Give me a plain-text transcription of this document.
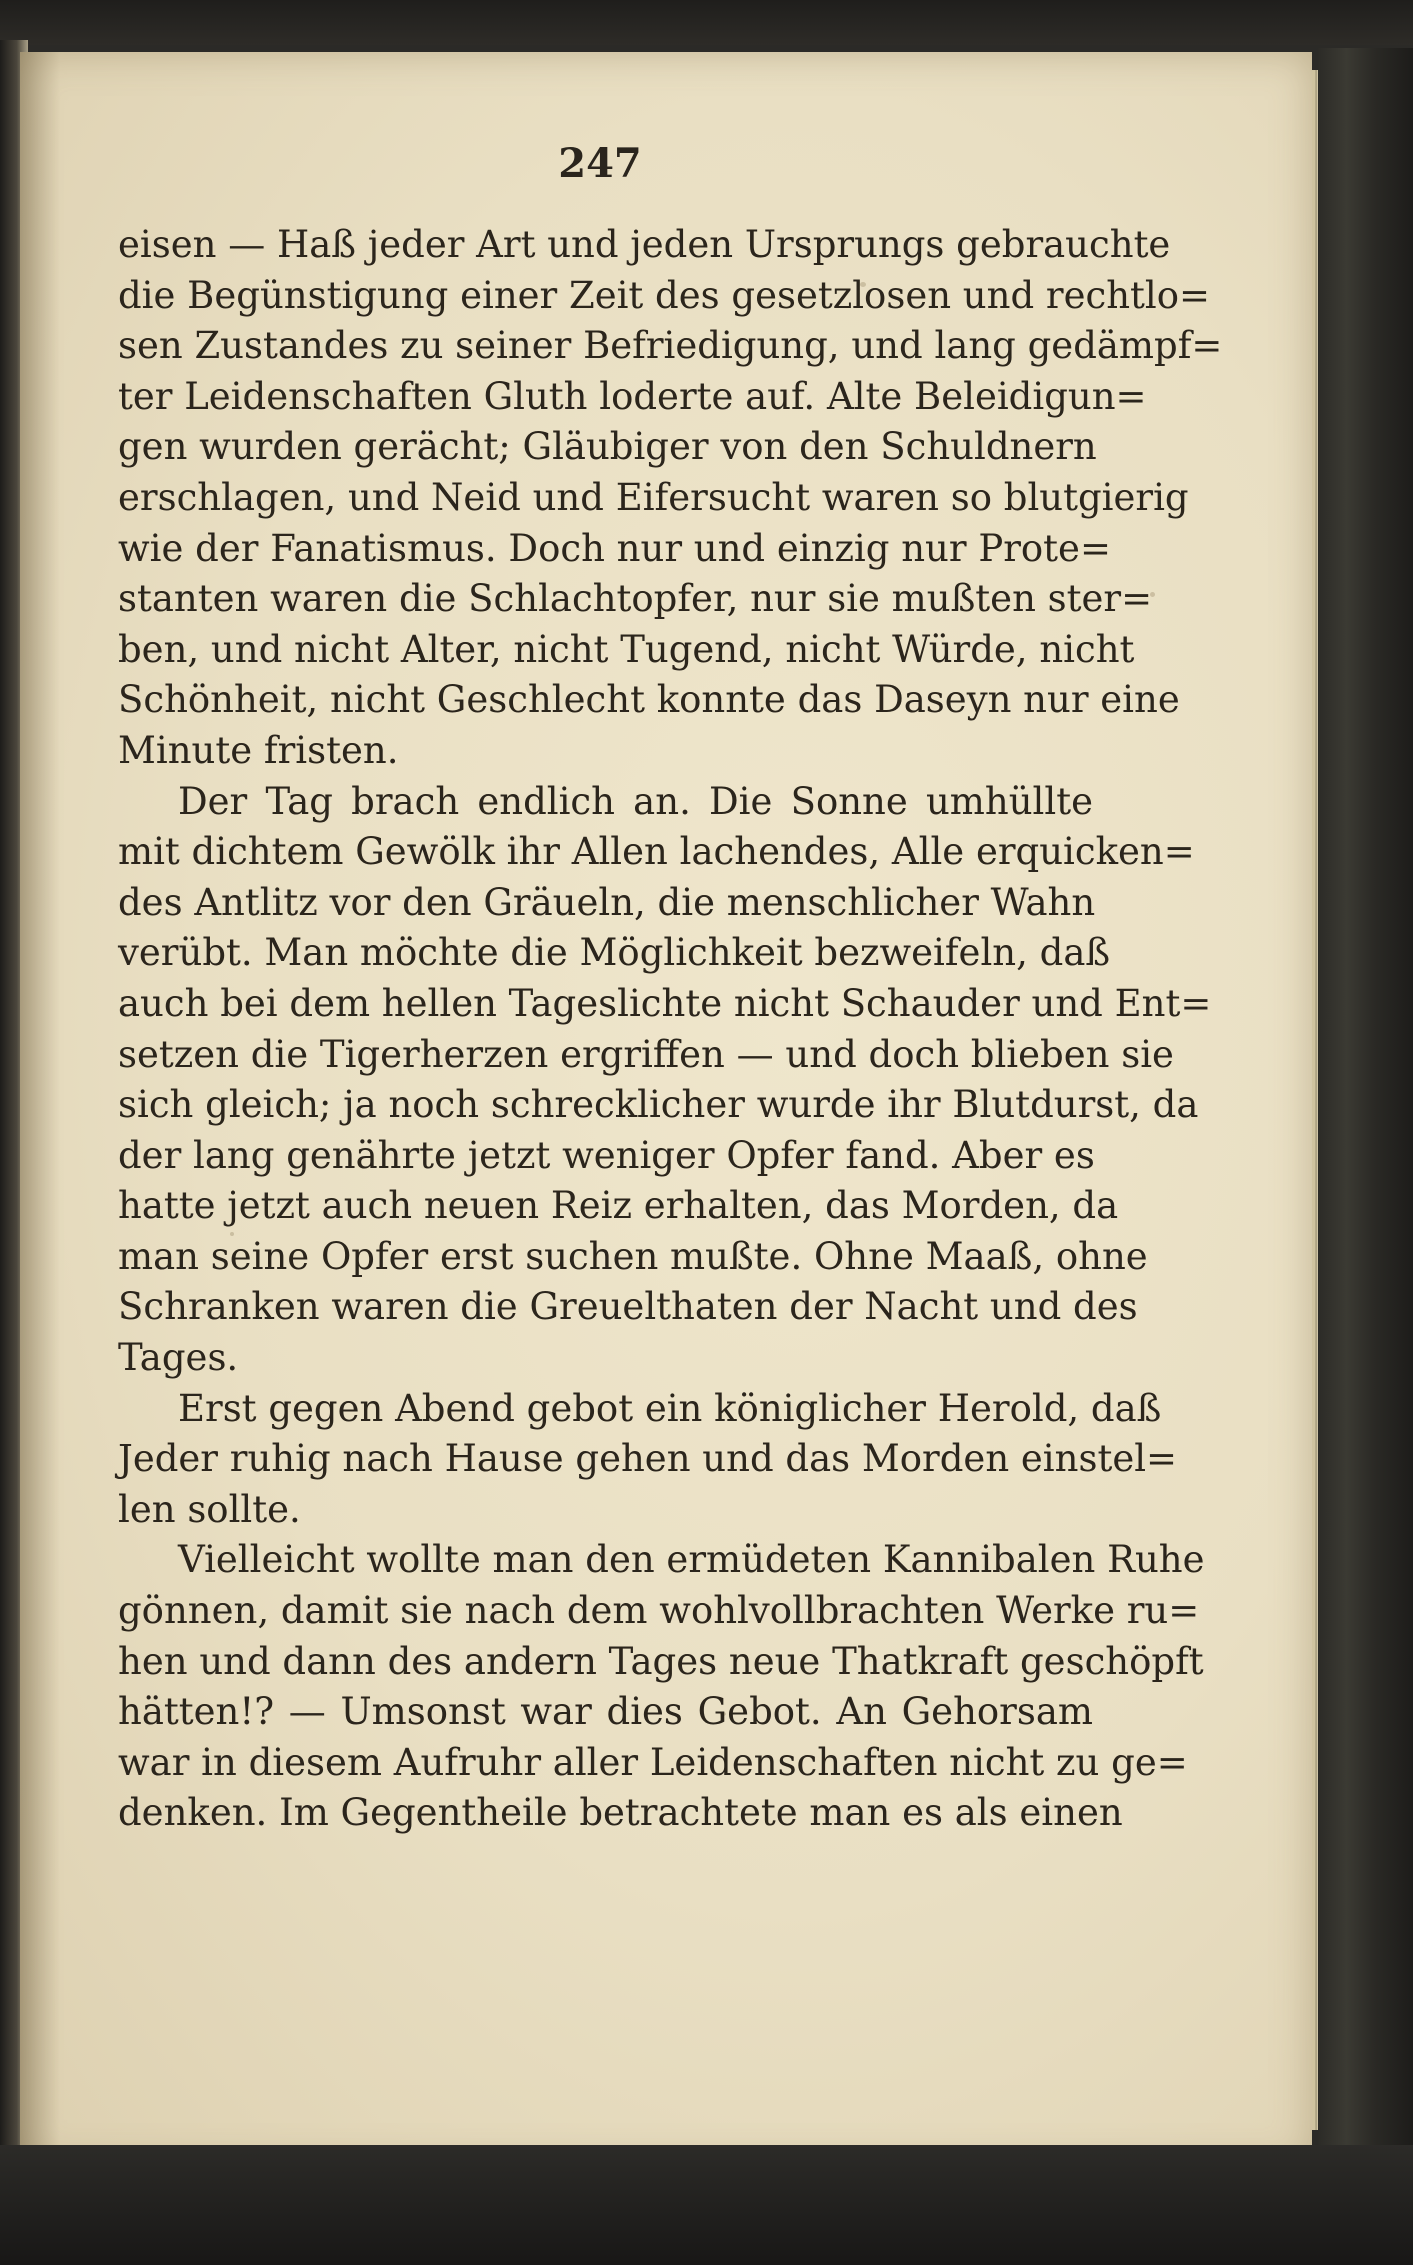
247
eisen — Haß jeder Art und jeden Ursprungs gebrauchte
die Begünstigung einer Zeit des gesetzlosen und rechtlo=
sen Zustandes zu seiner Befriedigung, und lang gedämpf=
ter Leidenschaften Gluth loderte auf. Alte Beleidigun=
gen wurden gerächt; Gläubiger von den Schuldnern
erschlagen, und Neid und Eifersucht waren so blutgierig
wie der Fanatismus. Doch nur und einzig nur Prote=
stanten waren die Schlachtopfer, nur sie mußten ster=
ben, und nicht Alter, nicht Tugend, nicht Würde, nicht
Schönheit, nicht Geschlecht konnte das Daseyn nur eine
Minute fristen.
Der Tag brach endlich an. Die Sonne umhüllte
mit dichtem Gewölk ihr Allen lachendes, Alle erquicken=
des Antlitz vor den Gräueln, die menschlicher Wahn
verübt. Man möchte die Möglichkeit bezweifeln, daß
auch bei dem hellen Tageslichte nicht Schauder und Ent=
setzen die Tigerherzen ergriffen — und doch blieben sie
sich gleich; ja noch schrecklicher wurde ihr Blutdurst, da
der lang genährte jetzt weniger Opfer fand. Aber es
hatte jetzt auch neuen Reiz erhalten, das Morden, da
man seine Opfer erst suchen mußte. Ohne Maaß, ohne
Schranken waren die Greuelthaten der Nacht und des
Tages.
Erst gegen Abend gebot ein königlicher Herold, daß
Jeder ruhig nach Hause gehen und das Morden einstel=
len sollte.
Vielleicht wollte man den ermüdeten Kannibalen Ruhe
gönnen, damit sie nach dem wohlvollbrachten Werke ru=
hen und dann des andern Tages neue Thatkraft geschöpft
hätten!? — Umsonst war dies Gebot. An Gehorsam
war in diesem Aufruhr aller Leidenschaften nicht zu ge=
denken. Im Gegentheile betrachtete man es als einen
